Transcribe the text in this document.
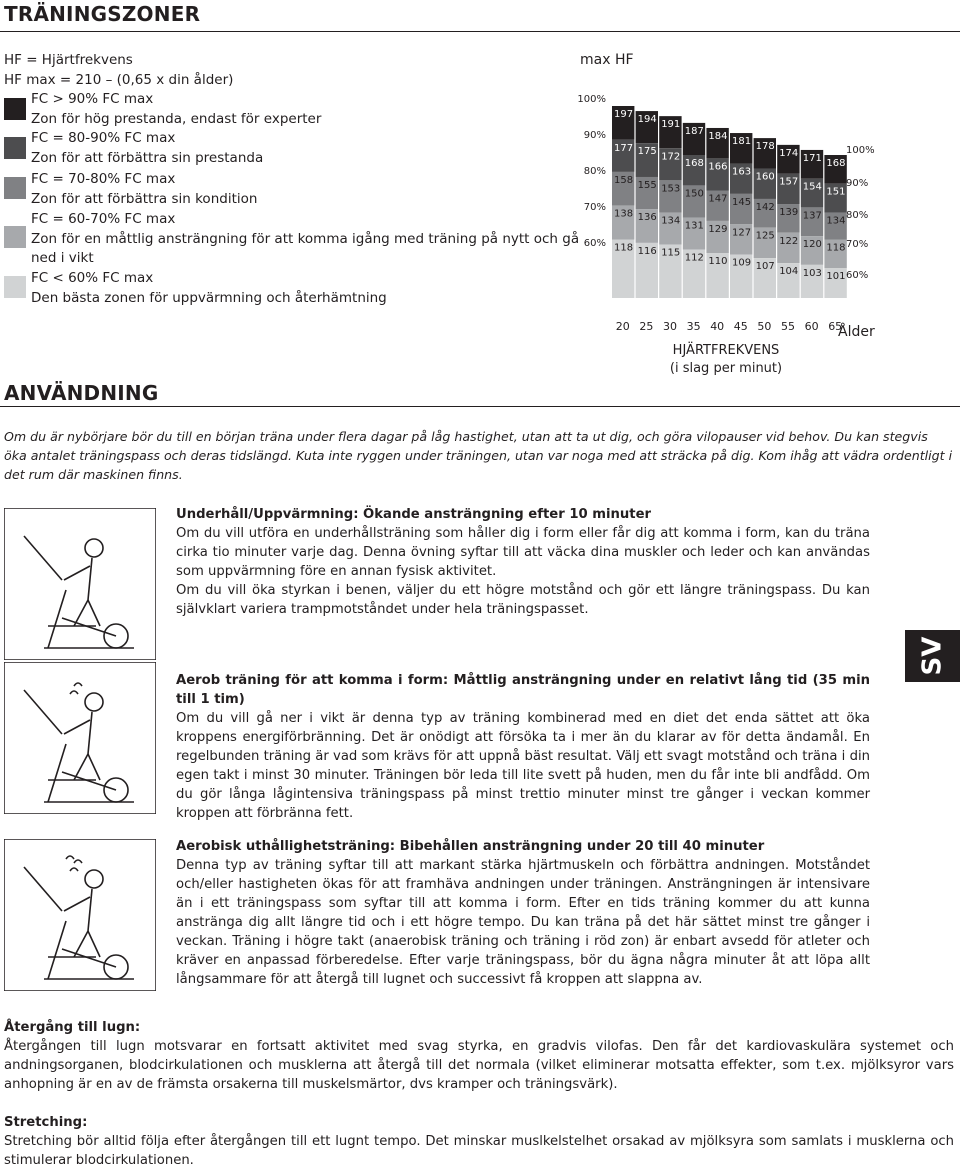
TRÄNINGSZONER
HF = Hjärtfrekvens
HF max = 210 – (0,65 x din ålder)
FC > 90% FC max
Zon för hög prestanda, endast för experter
FC = 80-90% FC max
Zon för att förbättra sin prestanda
FC = 70-80% FC max
Zon för att förbättra sin kondition
FC = 60-70% FC max
Zon för en måttlig ansträngning för att komma igång med träning på nytt och gå ned i vikt
FC < 60% FC max
Den bästa zonen för uppvärmning och återhämtning
max HF
100%
90%
80%
70%
60%
197
177
158
138
118
194
175
155
136
116
191
172
153
134
115
187
168
150
131
112
184
166
147
129
110
181
163
145
127
109
178
160
142
125
107
174
157
139
122
104
171
154
137
120
103
168
151
134
118
101
100%
90%
80%
70%
60%
20 25 30 35 40 45 50 55 60 65
Ålder
HJÄRTFREKVENS
(i slag per minut)
ANVÄNDNING
Om du är nybörjare bör du till en början träna under flera dagar på låg hastighet, utan att ta ut dig, och göra vilopauser vid behov. Du kan stegvis öka antalet träningspass och deras tidslängd. Kuta inte ryggen under träningen, utan var noga med att sträcka på dig. Kom ihåg att vädra ordentligt i det rum där maskinen finns.

Underhåll/Uppvärmning: Ökande ansträngning efter 10 minuter

Om du vill utföra en underhållsträning som håller dig i form eller får dig att komma i form, kan du träna cirka tio minuter varje dag. Denna övning syftar till att väcka dina muskler och leder och kan användas som uppvärmning före en annan fysisk aktivitet.

Om du vill öka styrkan i benen, väljer du ett högre motstånd och gör ett längre träningspass. Du kan självklart variera trampmotståndet under hela träningspasset.

Aerob träning för att komma i form: Måttlig ansträngning under en relativt lång tid (35 min till 1 tim)

Om du vill gå ner i vikt är denna typ av träning kombinerad med en diet det enda sättet att öka kroppens energiförbränning. Det är onödigt att försöka ta i mer än du klarar av för detta ändamål. En regelbunden träning är vad som krävs för att uppnå bäst resultat. Välj ett svagt motstånd och träna i din egen takt i minst 30 minuter. Träningen bör leda till lite svett på huden, men du får inte bli andfådd. Om du gör långa lågintensiva träningspass på minst trettio minuter minst tre gånger i veckan kommer kroppen att förbränna fett.

Aerobisk uthållighetsträning: Bibehållen ansträngning under 20 till 40 minuter

Denna typ av träning syftar till att markant stärka hjärtmuskeln och förbättra andningen. Motståndet och/eller hastigheten ökas för att framhäva andningen under träningen. Ansträngningen är intensivare än i ett träningspass som syftar till att komma i form. Efter en tids träning kommer du att kunna anstränga dig allt längre tid och i ett högre tempo. Du kan träna på det här sättet minst tre gånger i veckan. Träning i högre takt (anaerobisk träning och träning i röd zon) är enbart avsedd för atleter och kräver en anpassad förberedelse. Efter varje träningspass, bör du ägna några minuter åt att löpa allt långsammare för att återgå till lugnet och successivt få kroppen att slappna av.

SV

Återgång till lugn:

Återgången till lugn motsvarar en fortsatt aktivitet med svag styrka, en gradvis vilofas. Den får det kardiovaskulära systemet och andningsorganen, blodcirkulationen och musklerna att återgå till det normala (vilket eliminerar motsatta effekter, som t.ex. mjölksyror vars anhopning är en av de främsta orsakerna till muskelsmärtor, dvs kramper och träningsvärk).

Stretching:

Stretching bör alltid följa efter återgången till ett lugnt tempo. Det minskar muslkelstelhet orsakad av mjölksyra som samlats i musklerna och stimulerar blodcirkulationen.
